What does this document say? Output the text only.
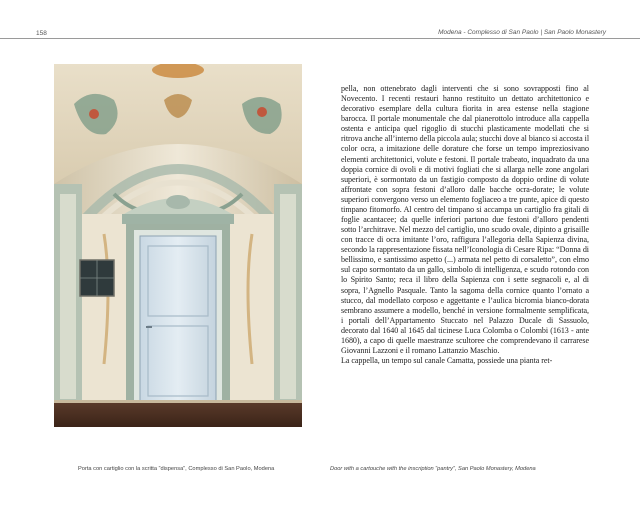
158	Modena - Complesso di San Paolo | San Paolo Monastery

pella, non ottenebrato dagli interventi che si sono sovrapposti fino al Novecento. I recenti restauri hanno restituito un dettato architettonico e decorativo esemplare della cultura fiorita in area estense nella stagione barocca. Il portale monumentale che dal pianerottolo introduce alla cappella ostenta e anticipa quel rigoglio di stucchi plasticamente modellati che si ritrova anche all’interno della piccola aula; stucchi dove al bianco si accosta il color ocra, a imitazione delle dorature che forse un tempo impreziosivano elementi architettonici, volute e festoni. Il portale trabeato, inquadrato da una doppia cornice di ovoli e di motivi fogliati che si allarga nelle zone angolari superiori, è sormontato da un fastigio composto da doppio ordine di volute affrontate con sopra festoni d’alloro dalle bacche ocra-dorate; le volute superiori convergono verso un elemento fogliaceo a tre punte, apice di questo timpano fitomorfo. Al centro del timpano si accampa un cartiglio fra gitali di foglie acantacee; da quelle inferiori partono due festoni d’alloro pendenti sotto l’architrave. Nel mezzo del cartiglio, uno scudo ovale, dipinto a grisaille con tracce di ocra imitante l’oro, raffigura l’allegoria della Sapienza divina, secondo la rappresentazione fissata nell’Iconologia di Cesare Ripa: “Donna di bellissimo, e santissimo aspetto (...) armata nel petto di corsaletto”, con elmo sul capo sormontato da un gallo, simbolo di intelligenza, e scudo rotondo con lo Spirito Santo; reca il libro della Sapienza con i sette segnacoli e, al di sopra, l’Agnello Pasquale. Tanto la sagoma della cornice quanto l’ornato a stucco, dal modellato corposo e aggettante e l’aulica bicromia bianco-dorata sembrano assumere a modello, benché in versione formalmente semplificata, i portali dell’Appartamento Stuccato nel Palazzo Ducale di Sassuolo, decorato dal 1640 al 1645 dal ticinese Luca Colomba o Colombi (1613 - ante 1680), a capo di quelle maestranze scultoree che comprendevano il carrarese Giovanni Lazzoni e il romano Lattanzio Maschio.

La cappella, un tempo sul canale Camatta, possiede una pianta ret-

Porta con cartiglio con la scritta “dispensa”, Complesso di San Paolo, Modena	Door with a cartouche with the inscription “pantry”, San Paolo Monastery, Modena
